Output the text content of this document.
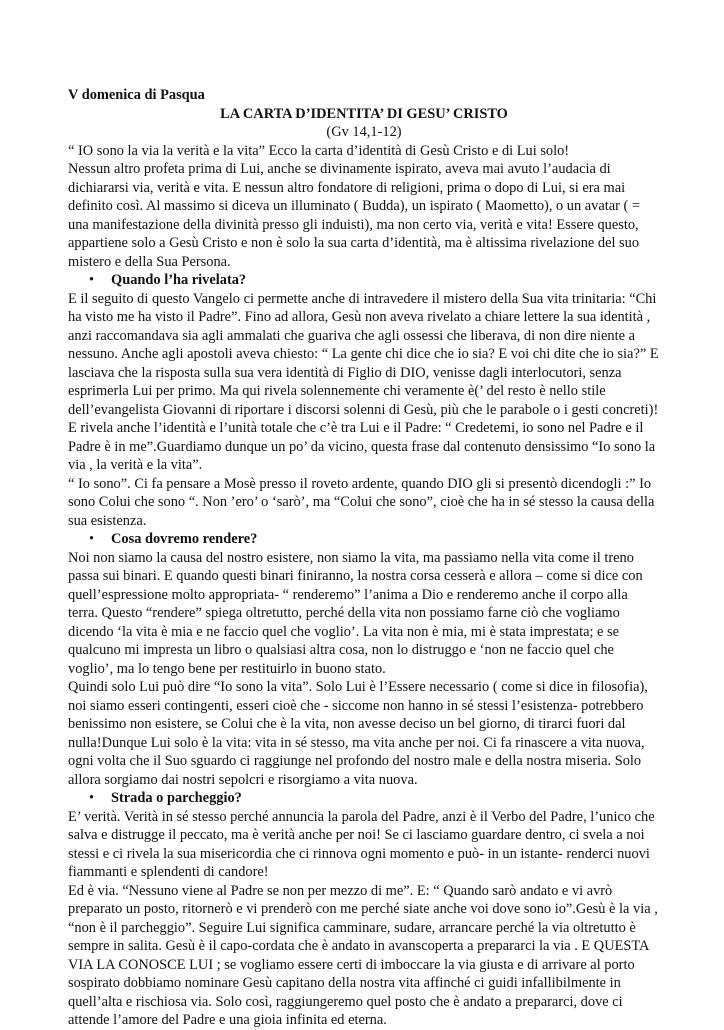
V domenica di Pasqua
LA CARTA D’IDENTITA’ DI GESU’ CRISTO
(Gv 14,1-12)
“ IO sono la via la verità e la vita” Ecco la carta d’identità di Gesù Cristo e di Lui solo!
Nessun altro profeta prima di Lui, anche se divinamente ispirato, aveva mai avuto l’audacia di dichiararsi via, verità e vita. E nessun altro fondatore di religioni, prima o dopo di Lui, si era mai definito così. Al massimo si diceva un illuminato ( Budda), un ispirato ( Maometto), o un avatar ( = una manifestazione della divinità presso gli induisti), ma non certo via, verità e vita! Essere questo, appartiene solo a Gesù Cristo e non è solo la sua carta d’identità, ma è altissima rivelazione del suo mistero e della Sua Persona.
•Quando l’ha rivelata?
E il seguito di questo Vangelo ci permette anche di intravedere il mistero della Sua vita trinitaria: “Chi ha visto me ha visto il Padre”. Fino ad allora, Gesù non aveva rivelato a chiare lettere la sua identità , anzi raccomandava sia agli ammalati che guariva che agli ossessi che liberava, di non dire niente a nessuno. Anche agli apostoli aveva chiesto: “ La gente chi dice che io sia? E voi chi dite che io sia?” E lasciava che la risposta sulla sua vera identità di Figlio di DIO, venisse dagli interlocutori, senza esprimerla Lui per primo. Ma qui rivela solennemente chi veramente è(’ del resto è nello stile dell’evangelista Giovanni di riportare i discorsi solenni di Gesù, più che le parabole o i gesti concreti)! E rivela anche l’identità e l’unità totale che c’è tra Lui e il Padre: “ Credetemi, io sono nel Padre e il Padre è in me”.Guardiamo dunque un po’ da vicino, questa frase dal contenuto densissimo “Io sono la via , la verità e la vita”.
“ Io sono”. Ci fa pensare a Mosè presso il roveto ardente, quando DIO gli si presentò dicendogli :” Io sono Colui che sono “. Non ’ero’ o ‘sarò’, ma “Colui che sono”, cioè che ha in sé stesso la causa della sua esistenza.
•Cosa dovremo rendere?
Noi non siamo la causa del nostro esistere, non siamo la vita, ma passiamo nella vita come il treno passa sui binari. E quando questi binari finiranno, la nostra corsa cesserà e allora – come si dice con quell’espressione molto appropriata- “ renderemo” l’anima a Dio e renderemo anche il corpo alla terra. Questo “rendere” spiega oltretutto, perché della vita non possiamo farne ciò che vogliamo dicendo ‘la vita è mia e ne faccio quel che voglio’. La vita non è mia, mi è stata imprestata; e se qualcuno mi impresta un libro o qualsiasi altra cosa, non lo distruggo e ‘non ne faccio quel che voglio’, ma lo tengo bene per restituirlo in buono stato.
Quindi solo Lui può dire “Io sono la vita”. Solo Lui è l’Essere necessario ( come si dice in filosofia), noi siamo esseri contingenti, esseri cioè che - siccome non hanno in sé stessi l’esistenza- potrebbero benissimo non esistere, se Colui che è la vita, non avesse deciso un bel giorno, di tirarci fuori dal nulla!Dunque Lui solo è la vita: vita in sé stesso, ma vita anche per noi. Ci fa rinascere a vita nuova, ogni volta che il Suo sguardo ci raggiunge nel profondo del nostro male e della nostra miseria. Solo allora sorgiamo dai nostri sepolcri e risorgiamo a vita nuova.
•Strada o parcheggio?
E’ verità. Verità in sé stesso perché annuncia la parola del Padre, anzi è il Verbo del Padre, l’unico che salva e distrugge il peccato, ma è verità anche per noi! Se ci lasciamo guardare dentro, ci svela a noi stessi e ci rivela la sua misericordia che ci rinnova ogni momento e può- in un istante- renderci nuovi fiammanti e splendenti di candore!
Ed è via. “Nessuno viene al Padre se non per mezzo di me”. E: “ Quando sarò andato e vi avrò preparato un posto, ritornerò e vi prenderò con me perché siate anche voi dove sono io”.Gesù è la via , “non è il parcheggio”. Seguire Lui significa camminare, sudare, arrancare perché la via oltretutto è sempre in salita. Gesù è il capo-cordata che è andato in avanscoperta a prepararci la via . E QUESTA VIA LA CONOSCE LUI ; se vogliamo essere certi di imboccare la via giusta e di arrivare al porto sospirato dobbiamo nominare Gesù capitano della nostra vita affinché ci guidi infallibilmente in quell’alta e rischiosa via. Solo così, raggiungeremo quel posto che è andato a prepararci, dove ci attende l’amore del Padre e una gioia infinita ed eterna.
